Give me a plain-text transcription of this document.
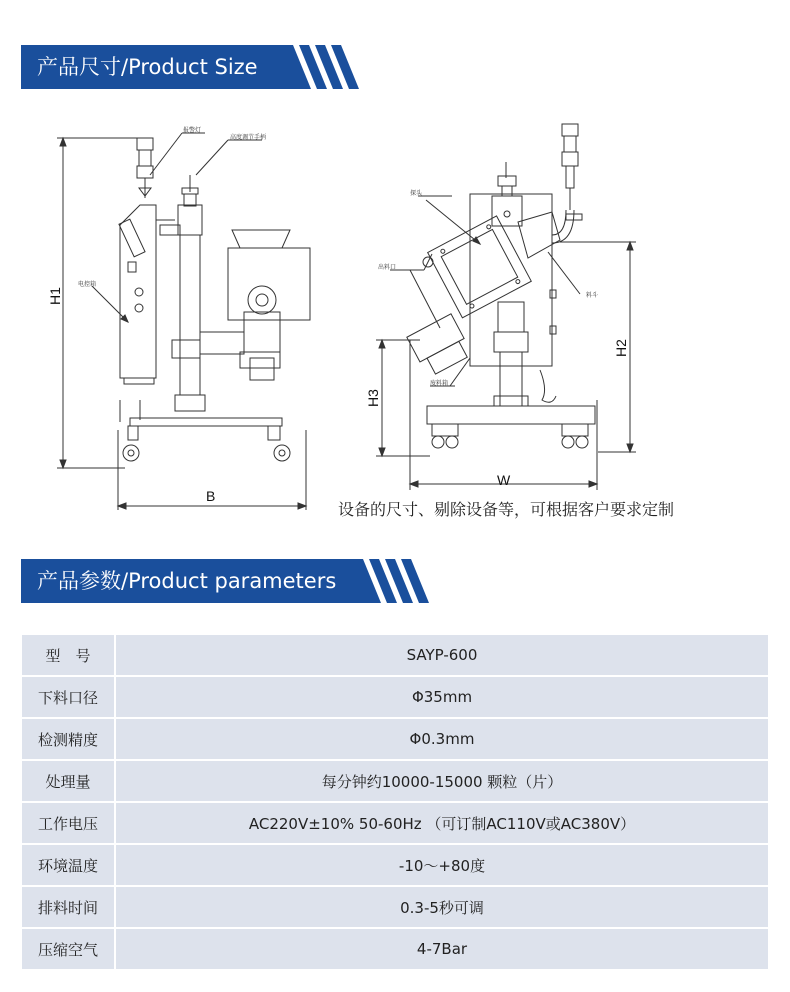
产品尺寸/Product Size
H1
B
H2
H3
W
报警灯
高度调节手柄
电控箱
探头
出料口
料斗
废料箱
设备的尺寸、剔除设备等，可根据客户要求定制
产品参数/Product parameters
型　号	SAYP-600
下料口径	Φ35mm
检测精度	Φ0.3mm
处理量	每分钟约10000-15000 颗粒（片）
工作电压	AC220V±10% 50-60Hz （可订制AC110V或AC380V）
环境温度	-10～+80度
排料时间	0.3-5秒可调
压缩空气	4-7Bar
